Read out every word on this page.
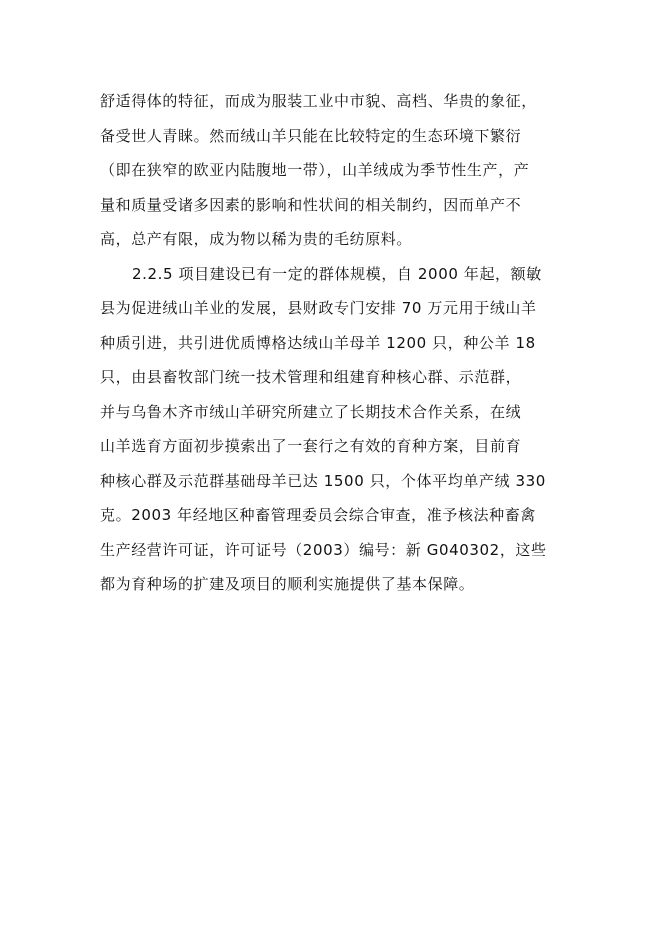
舒适得体的特征，而成为服装工业中市貌、高档、华贵的象征，
备受世人青睐。然而绒山羊只能在比较特定的生态环境下繁衍
（即在狭窄的欧亚内陆腹地一带），山羊绒成为季节性生产，产
量和质量受诸多因素的影响和性状间的相关制约，因而单产不
高，总产有限，成为物以稀为贵的毛纺原料。
2.2.5 项目建设已有一定的群体规模，自 2000 年起，额敏
县为促进绒山羊业的发展，县财政专门安排 70 万元用于绒山羊
种质引进，共引进优质博格达绒山羊母羊 1200 只，种公羊 18
只，由县畜牧部门统一技术管理和组建育种核心群、示范群，
并与乌鲁木齐市绒山羊研究所建立了长期技术合作关系，在绒
山羊选育方面初步摸索出了一套行之有效的育种方案，目前育
种核心群及示范群基础母羊已达 1500 只，个体平均单产绒 330
克。2003 年经地区种畜管理委员会综合审查，准予核法种畜禽
生产经营许可证，许可证号（2003）编号：新 G040302，这些
都为育种场的扩建及项目的顺利实施提供了基本保障。
